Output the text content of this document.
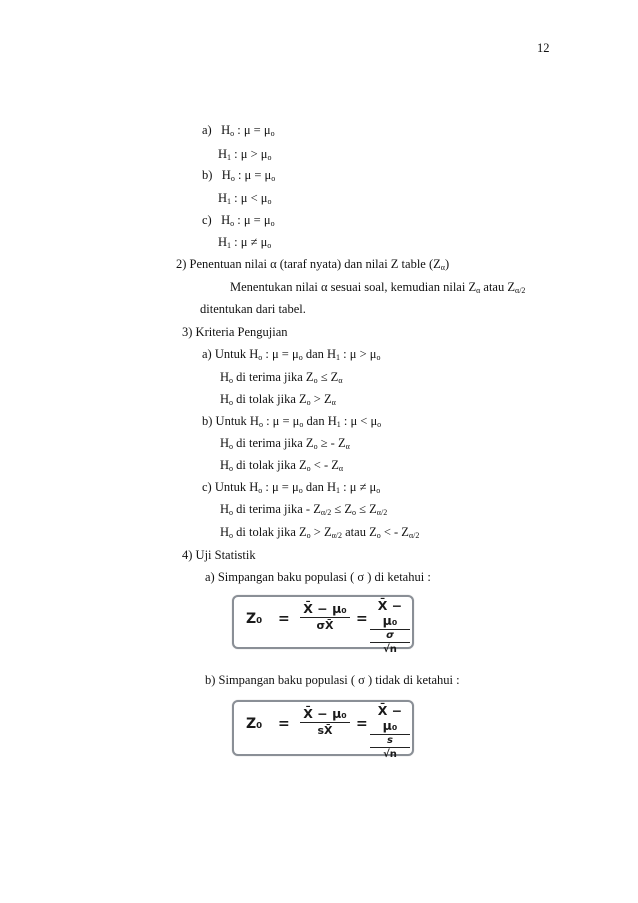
12
a) $H_o$ : $\mu = \mu_o$
$H_1$ : $\mu > \mu_o$
b) $H_o$ : $\mu = \mu_o$
$H_1$ : $\mu < \mu_o$
c) $H_o$ : $\mu = \mu_o$
$H_1$ : $\mu \ne \mu_o$
2) Penentuan nilai α (taraf nyata) dan nilai Z table $(Z_\alpha)$
Menentukan nilai α sesuai soal, kemudian nilai $Z_\alpha$ atau $Z_{\alpha/2}$
ditentukan dari tabel.
3) Kriteria Pengujian
a) Untuk $H_o$ : $\mu = \mu_o$ dan $H_1$ : $\mu > \mu_o$
$H_o$ di terima jika $Z_o \le Z_\alpha$
$H_o$ di tolak jika $Z_o > Z_\alpha$
b) Untuk $H_o$ : $\mu = \mu_o$ dan $H_1$ : $\mu < \mu_o$
$H_o$ di terima jika $Z_o$ ≥ - $Z_\alpha$
$H_o$ di tolak jika $Z_o$ < - $Z_\alpha$
c) Untuk $H_o$ : $\mu = \mu_o$ dan $H_1$ : $\mu \ne \mu_o$
$H_o$ di terima jika - $Z_{\alpha/2} \le Z_o \le Z_{\alpha/2}$
$H_o$ di tolak jika $Z_o > Z_{\alpha/2}$ atau $Z_o$ < - $Z_{\alpha/2}$
4) Uji Statistik
a) Simpangan baku populasi ( σ ) di ketahui :
$Z_0 = \frac{\text{X̄ − μ₀}}{\sigma X̄}$ = X̄ − μ₀
σ
√n
b) Simpangan baku populasi ( σ ) tidak di ketahui :
$Z_0 = \frac{\text{X̄ − μ₀}}{sX̄}$ = X̄ − μ₀
s
√n
